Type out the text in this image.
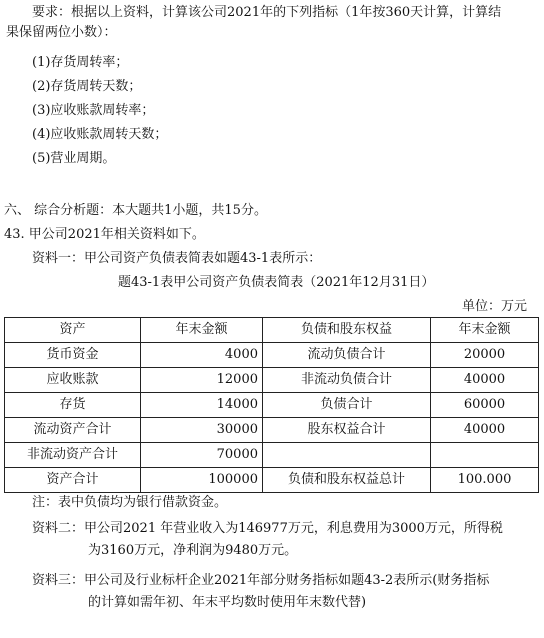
要求：根据以上资料，计算该公司2021年的下列指标（1年按360天计算，计算结
果保留两位小数）：
(1)存货周转率；
(2)存货周转天数；
(3)应收账款周转率；
(4)应收账款周转天数；
(5)营业周期。
六、 综合分析题：本大题共1小题，共15分。
43. 甲公司2021年相关资料如下。
资料一：甲公司资产负债表简表如题43-1表所示：
题43-1表甲公司资产负债表简表（2021年12月31日）
单位：万元
资产	年末金额	负债和股东权益	年末金额
货币资金	4000	流动负债合计	20000
应收账款	12000	非流动负债合计	40000
存货	14000	负债合计	60000
流动资产合计	30000	股东权益合计	40000
非流动资产合计	70000		
资产合计	100000	负债和股东权益总计	100.000
注：表中负债均为银行借款资金。
资料二：甲公司2021 年营业收入为146977万元，利息费用为3000万元，所得税
为3160万元，净利润为9480万元。
资料三：甲公司及行业标杆企业2021年部分财务指标如题43-2表所示(财务指标
的计算如需年初、年末平均数时使用年末数代替)
